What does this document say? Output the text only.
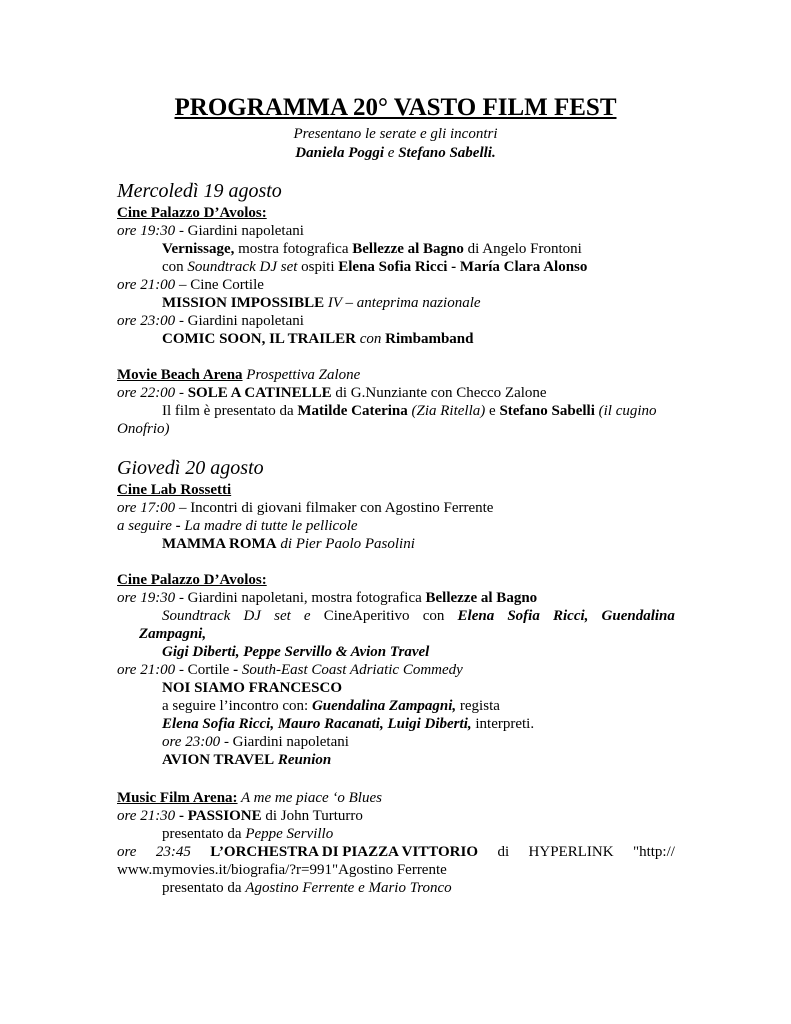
PROGRAMMA 20° VASTO FILM FEST
Presentano le serate e gli incontri
Daniela Poggi e Stefano Sabelli.
Mercoledì 19 agosto
Cine Palazzo D’Avolos:
ore 19:30 - Giardini napoletani
Vernissage, mostra fotografica Bellezze al Bagno di Angelo Frontoni
con Soundtrack DJ set ospiti Elena Sofia Ricci - María Clara Alonso
ore 21:00 – Cine Cortile
MISSION IMPOSSIBLE IV – anteprima nazionale
ore 23:00 - Giardini napoletani
COMIC SOON, IL TRAILER con Rimbamband
Movie Beach Arena Prospettiva Zalone
ore 22:00 - SOLE A CATINELLE di G.Nunziante con Checco Zalone
Il film è presentato da Matilde Caterina (Zia Ritella) e Stefano Sabelli (il cugino
Onofrio)
Giovedì 20 agosto
Cine Lab Rossetti
ore 17:00 – Incontri di giovani filmaker con Agostino Ferrente
a seguire - La madre di tutte le pellicole
MAMMA ROMA di Pier Paolo Pasolini
Cine Palazzo D’Avolos:
ore 19:30 - Giardini napoletani, mostra fotografica Bellezze al Bagno
Soundtrack DJ set e CineAperitivo con Elena Sofia Ricci, Guendalina
Zampagni,
Gigi Diberti, Peppe Servillo & Avion Travel
ore 21:00 - Cortile - South-East Coast Adriatic Commedy
NOI SIAMO FRANCESCO
a seguire l’incontro con: Guendalina Zampagni, regista
Elena Sofia Ricci, Mauro Racanati, Luigi Diberti, interpreti.
ore 23:00 - Giardini napoletani
AVION TRAVEL Reunion
Music Film Arena: A me me piace ‘o Blues
ore 21:30 - PASSIONE di John Turturro
presentato da Peppe Servillo
ore 23:45 L’ORCHESTRA DI PIAZZA VITTORIO di HYPERLINK "http://
www.mymovies.it/biografia/?r=991"Agostino Ferrente
presentato da Agostino Ferrente e Mario Tronco
